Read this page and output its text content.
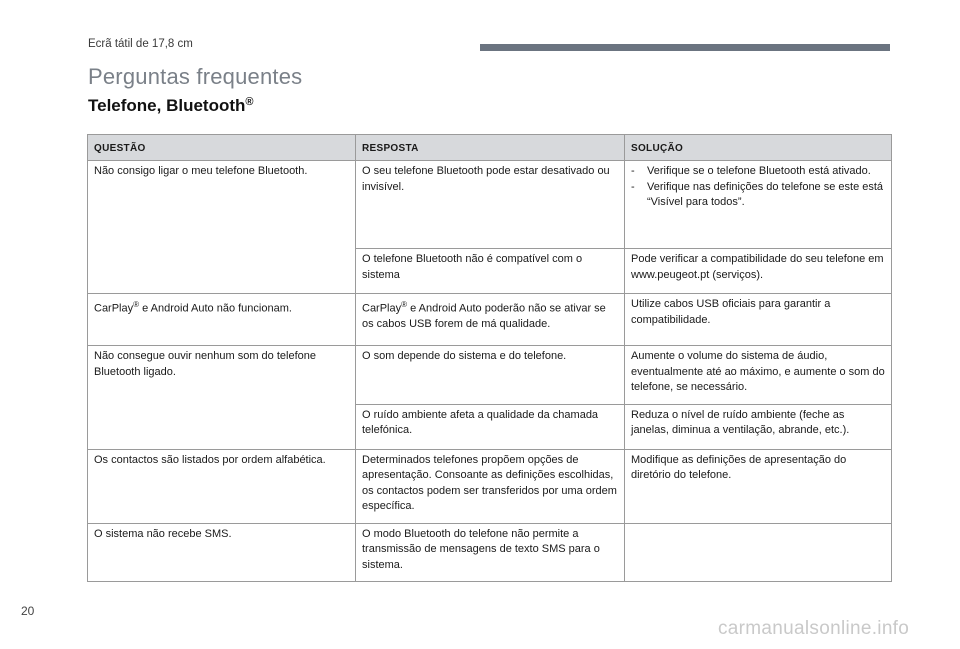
Ecrã tátil de 17,8 cm
Perguntas frequentes
Telefone, Bluetooth®
QUESTÃO	RESPOSTA	SOLUÇÃO
Não consigo ligar o meu telefone Bluetooth.	O seu telefone Bluetooth pode estar desativado ou invisível.	- Verifique se o telefone Bluetooth está ativado.
- Verifique nas definições do telefone se este está “Visível para todos”.

	O telefone Bluetooth não é compatível com o sistema	Pode verificar a compatibilidade do seu telefone em www.peugeot.pt (serviços).
CarPlay® e Android Auto não funcionam.	CarPlay® e Android Auto poderão não se ativar se os cabos USB forem de má qualidade.	Utilize cabos USB oficiais para garantir a compatibilidade.
Não consegue ouvir nenhum som do telefone Bluetooth ligado.	O som depende do sistema e do telefone.	Aumente o volume do sistema de áudio, eventualmente até ao máximo, e aumente o som do telefone, se necessário.
	O ruído ambiente afeta a qualidade da chamada telefónica.	Reduza o nível de ruído ambiente (feche as janelas, diminua a ventilação, abrande, etc.).
Os contactos são listados por ordem alfabética.	Determinados telefones propõem opções de apresentação. Consoante as definições escolhidas, os contactos podem ser transferidos por uma ordem específica.	Modifique as definições de apresentação do diretório do telefone.
O sistema não recebe SMS.	O modo Bluetooth do telefone não permite a transmissão de mensagens de texto SMS para o sistema.	
20
carmanualsonline.info
